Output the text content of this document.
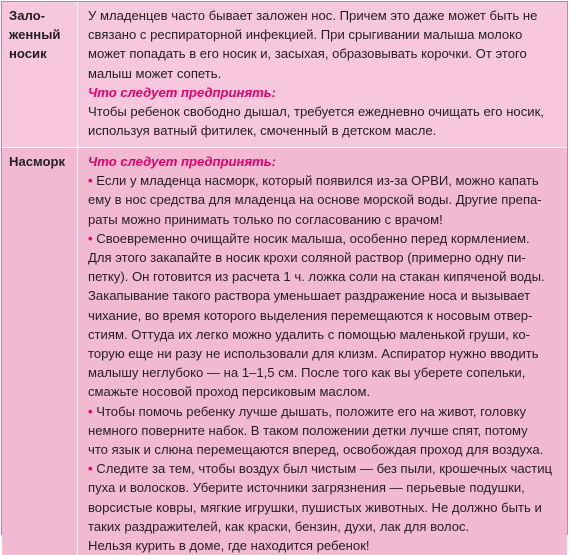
Зало-
женный
носик
У младенцев часто бывает заложен нос. Причем это даже может быть не
связано с респираторной инфекцией. При срыгивании малыша молоко
может попадать в его носик и, засыхая, образовывать корочки. От этого
малыш может сопеть.
Что следует предпринять:
Чтобы ребенок свободно дышал, требуется ежедневно очищать его носик,
используя ватный фитилек, смоченный в детском масле.
Насморк	Что следует предпринять:
• Если у младенца насморк, который появился из-за ОРВИ, можно капать
ему в нос средства для младенца на основе морской воды. Другие препа-
раты можно принимать только по согласованию с врачом!
• Своевременно очищайте носик малыша, особенно перед кормлением.
Для этого закапайте в носик крохи соляной раствор (примерно одну пи-
петку). Он готовится из расчета 1 ч. ложка соли на стакан кипяченой воды.
Закапывание такого раствора уменьшает раздражение носа и вызывает
чихание, во время которого выделения перемещаются к носовым отвер-
стиям. Оттуда их легко можно удалить с помощью маленькой груши, ко-
торую еще ни разу не использовали для клизм. Аспиратор нужно вводить
малышу неглубоко — на 1–1,5 см. После того как вы уберете сопельки,
смажьте носовой проход персиковым маслом.
• Чтобы помочь ребенку лучше дышать, положите его на живот, головку
немного поверните набок. В таком положении детки лучше спят, потому
что язык и слюна перемещаются вперед, освобождая проход для воздуха.
• Следите за тем, чтобы воздух был чистым — без пыли, крошечных частиц
пуха и волосков. Уберите источники загрязнения — перьевые подушки,
ворсистые ковры, мягкие игрушки, пушистых животных. Не должно быть и
таких раздражителей, как краски, бензин, духи, лак для волос.
Нельзя курить в доме, где находится ребенок!
